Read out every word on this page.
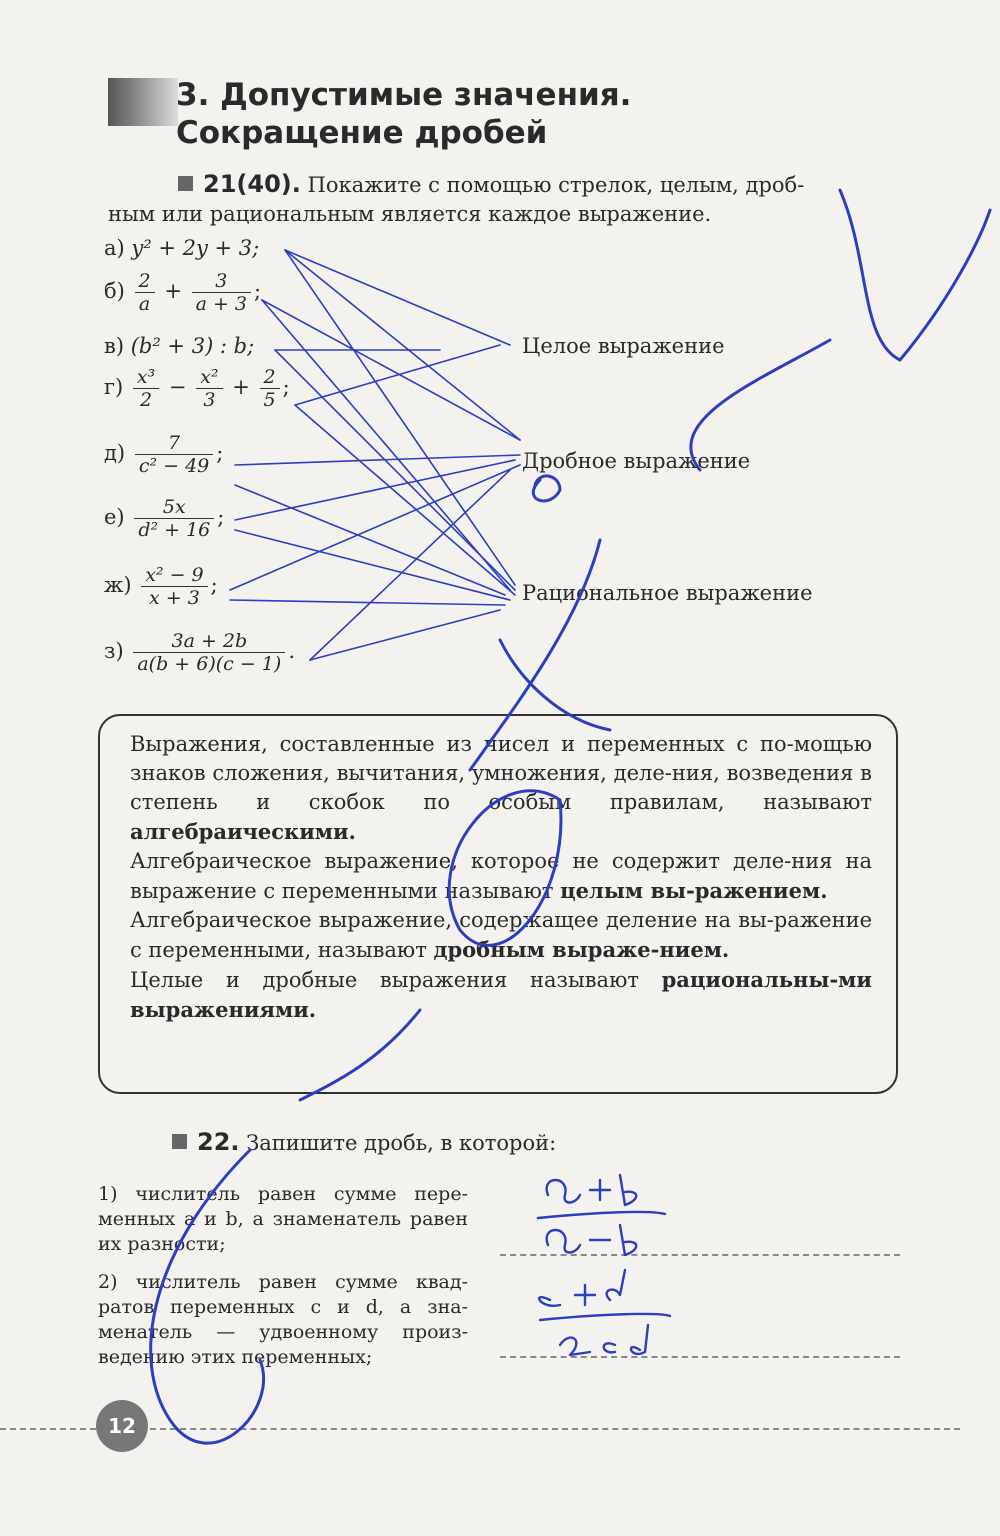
3. Допустимые значения.
Сокращение дробей
21(40). Покажите с помощью стрелок, целым, дроб-
ным или рациональным является каждое выражение.
а) y² + 2y + 3;
$б) \frac{2}{a} + \frac{3}{a + 3}$ ;
в) (b² + 3) : b;
$г) \frac{\text{x³}}{2} - \frac{\text{x²}}{3} + \frac{2}{5}$ ;
$д) \frac{7}{\text{c² − 49}}$ ;
$е) \frac{5x}{\text{d² + 16}}$ ;
$ж) \frac{\text{x² − 9}}{x + 3}$ ;
$з) \frac{3a + 2b}{a(b + 6)(c - 1)}$ .
Целое выражение
Дробное выражение
Рациональное выражение

Выражения, составленные из чисел и переменных с по-мощью знаков сложения, вычитания, умножения, деле-ния, возведения в степень и скобок по особым правилам, называют алгебраическими.

Алгебраическое выражение, которое не содержит деле-ния на выражение с переменными называют целым вы-ражением.

Алгебраическое выражение, содержащее деление на вы-ражение с переменными, называют дробным выраже-нием.

Целые и дробные выражения называют рациональны-ми выражениями.

22. Запишите дробь, в которой:
1) числитель равен сумме пере-менных a и b, а знаменатель равен их разности;
2) числитель равен сумме квад-ратов переменных c и d, а зна-менатель — удвоенному произ-ведению этих переменных;
12
